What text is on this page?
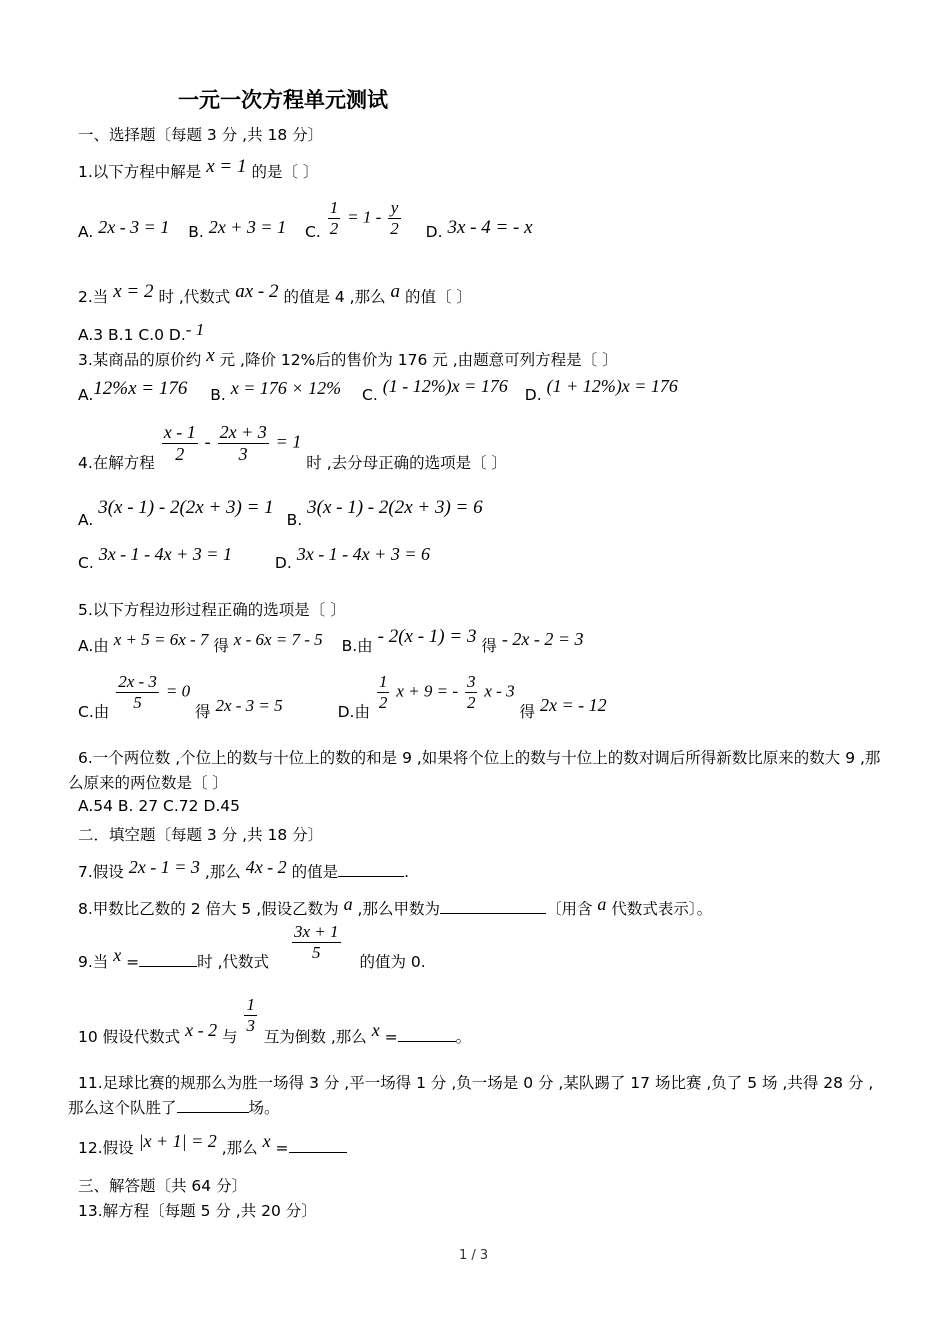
一元一次方程单元测试
一、选择题〔每题 3 分 ,共 18 分〕
1.以下方程中解是 x = 1 的是〔 〕
A. 2x - 3 = 1 B. 2x + 3 = 1 C. $\frac{1}{2} = 1 - \frac{y}{2} D$. 3x - 4 = - x
2.当 x = 2 时 ,代数式 ax - 2 的值是 4 ,那么 a 的值〔 〕
A.3 B.1 C.0 D.- 1
3.某商品的原价约 x 元 ,降价 12%后的售价为 176 元 ,由题意可列方程是〔 〕
A.12%x = 176 B. x = 176 × 12% C. (1 - 12%)x = 176 D. (1 + 12%)x = 176
4.在解方程 $\frac{x - 1}{2} - \frac{2x + 3}{3} = 1$ 时 ,去分母正确的选项是〔 〕
A. 3(x - 1) - 2(2x + 3) = 1 B. 3(x - 1) - 2(2x + 3) = 6
C. 3x - 1 - 4x + 3 = 1	D. 3x - 1 - 4x + 3 = 6
5.以下方程边形过程正确的选项是〔 〕
A.由 x + 5 = 6x - 7 得 x - 6x = 7 - 5 B.由 - 2(x - 1) = 3 得 - 2x - 2 = 3
C.由 $\frac{2x - 3}{5} = 0$ 得 2x - 3 = 5	D.由 $\frac{1}{2}$ x + 9 = - $\frac{3}{2}$ x - 3 得 2x = - 12
6.一个两位数 ,个位上的数与十位上的数的和是 9 ,如果将个位上的数与十位上的数对调后所得新数比原来的数大 9 ,那么原来的两位数是〔 〕
A.54 B. 27 C.72 D.45
二．填空题〔每题 3 分 ,共 18 分〕
7.假设 2x - 1 = 3 ,那么 4x - 2 的值是	.
8.甲数比乙数的 2 倍大 5 ,假设乙数为 a ,那么甲数为	〔用含 a 代数式表示〕。
9.当 x =	时 ,代数式 $\frac{3x + 1}{5}$ 的值为 0.
10 假设代数式 x - 2 与
$\frac{1}{3}$
互为倒数 ,那么 x =	。
11.足球比赛的规那么为胜一场得 3 分 ,平一场得 1 分 ,负一场是 0 分 ,某队踢了 17 场比赛 ,负了 5 场 ,共得 28 分 ,那么这个队胜了	场。
12.假设 |x + 1| = 2 ,那么 x =
三、解答题〔共 64 分〕
13.解方程〔每题 5 分 ,共 20 分〕
1 / 3
